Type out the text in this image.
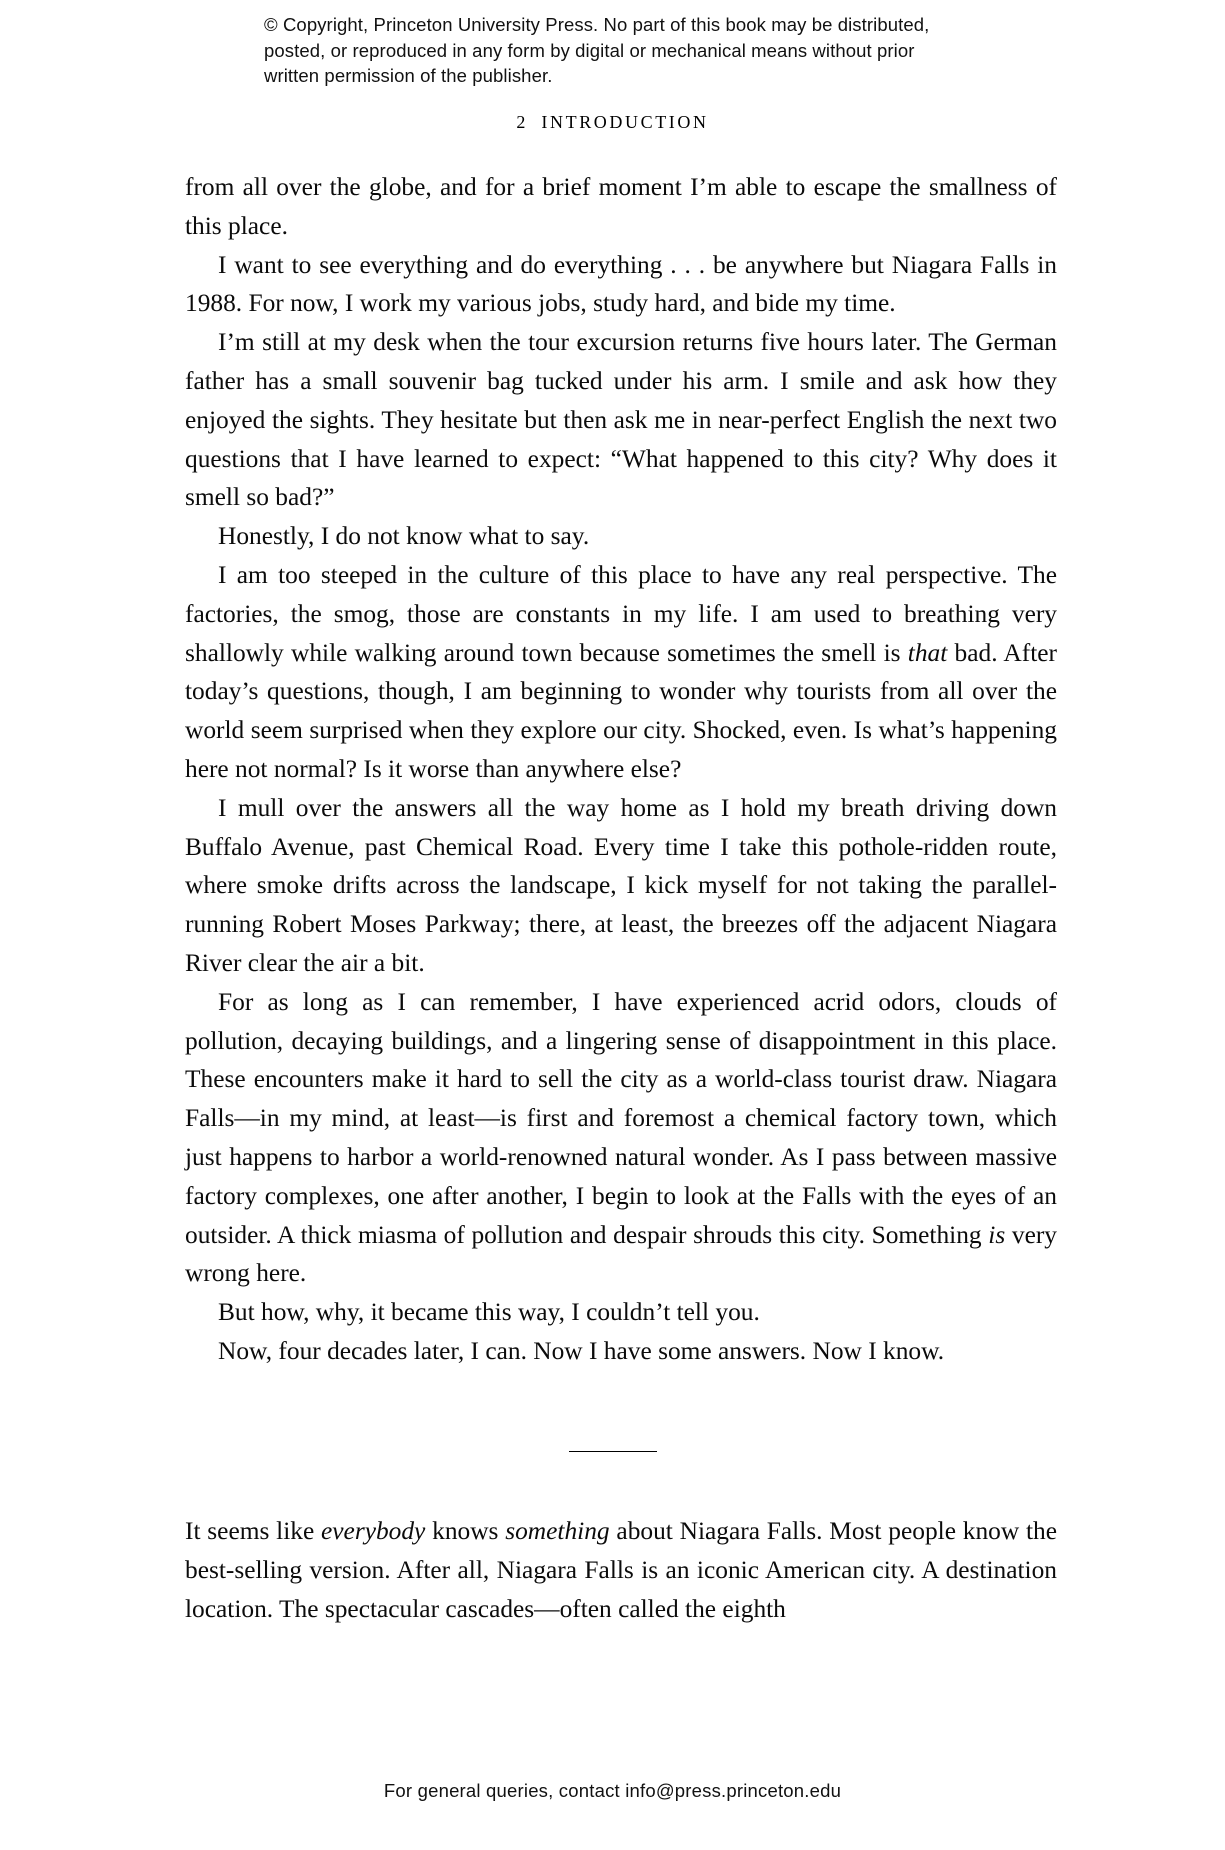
© Copyright, Princeton University Press. No part of this book may be distributed, posted, or reproduced in any form by digital or mechanical means without prior written permission of the publisher.
2 INTRODUCTION

from all over the globe, and for a brief moment I’m able to escape the smallness of this place.

I want to see everything and do everything . . . be anywhere but Niagara Falls in 1988. For now, I work my various jobs, study hard, and bide my time.

I’m still at my desk when the tour excursion returns five hours later. The German father has a small souvenir bag tucked under his arm. I smile and ask how they enjoyed the sights. They hesitate but then ask me in near-perfect English the next two questions that I have learned to expect: “What happened to this city? Why does it smell so bad?”

Honestly, I do not know what to say.

I am too steeped in the culture of this place to have any real perspective. The factories, the smog, those are constants in my life. I am used to breathing very shallowly while walking around town because sometimes the smell is that bad. After today’s questions, though, I am beginning to wonder why tourists from all over the world seem surprised when they explore our city. Shocked, even. Is what’s happening here not normal? Is it worse than anywhere else?

I mull over the answers all the way home as I hold my breath driving down Buffalo Avenue, past Chemical Road. Every time I take this pothole-ridden route, where smoke drifts across the landscape, I kick myself for not taking the parallel-running Robert Moses Parkway; there, at least, the breezes off the adjacent Niagara River clear the air a bit.

For as long as I can remember, I have experienced acrid odors, clouds of pollution, decaying buildings, and a lingering sense of disappointment in this place. These encounters make it hard to sell the city as a world-class tourist draw. Niagara Falls—in my mind, at least—is first and foremost a chemical factory town, which just happens to harbor a world-renowned natural wonder. As I pass between massive factory complexes, one after another, I begin to look at the Falls with the eyes of an outsider. A thick miasma of pollution and despair shrouds this city. Something is very wrong here.

But how, why, it became this way, I couldn’t tell you.

Now, four decades later, I can. Now I have some answers. Now I know.

It seems like everybody knows something about Niagara Falls. Most people know the best-selling version. After all, Niagara Falls is an iconic American city. A destination location. The spectacular cascades—often called the eighth

For general queries, contact info@press.princeton.edu
